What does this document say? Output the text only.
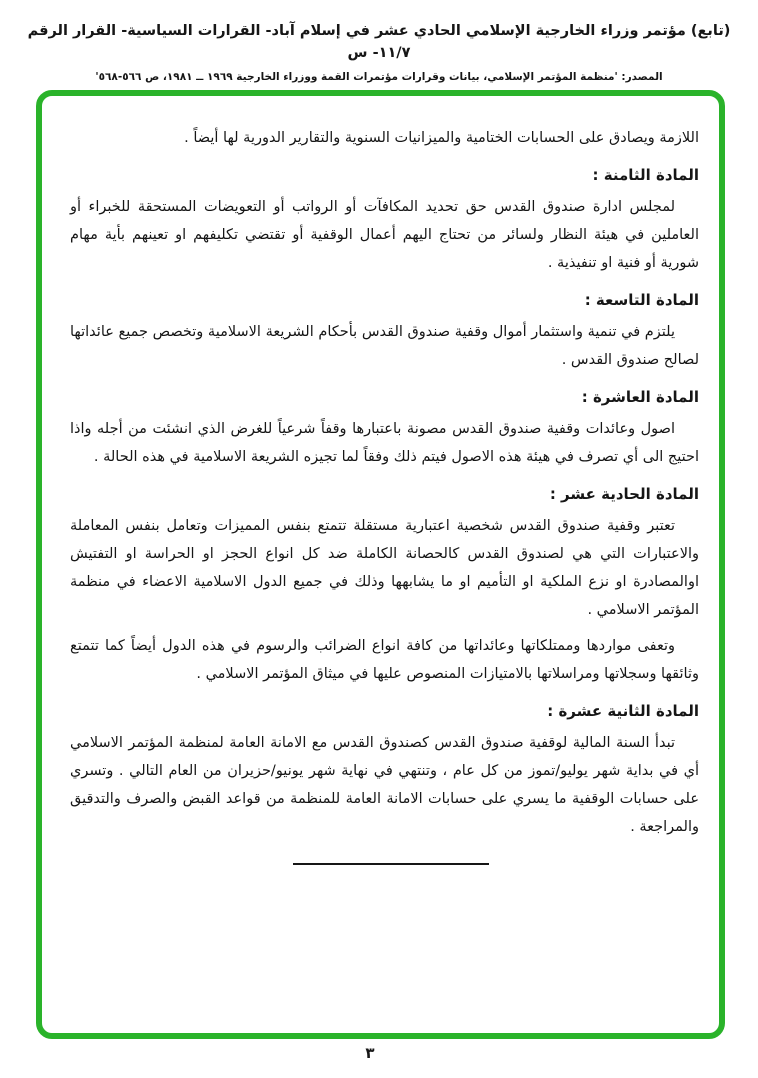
(تابع) مؤتمر وزراء الخارجية الإسلامي الحادي عشر في إسلام آباد- القرارات السياسية- القرار الرقم ١١/٧- س
المصدر: 'منظمة المؤتمر الإسلامي، بيانات وقرارات مؤتمرات القمة ووزراء الخارجية ١٩٦٩ ــ ١٩٨١، ص ٥٦٦-٥٦٨'

اللازمة ويصادق على الحسابات الختامية والميزانيات السنوية والتقارير الدورية لها أيضاً .

المادة الثامنة :

لمجلس ادارة صندوق القدس حق تحديد المكافآت أو الرواتب أو التعويضات المستحقة للخبراء أو العاملين في هيئة النظار ولسائر من تحتاج اليهم أعمال الوقفية أو تقتضي تكليفهم او تعينهم بأية مهام شورية أو فنية او تنفيذية .

المادة التاسعة :

يلتزم في تنمية واستثمار أموال وقفية صندوق القدس بأحكام الشريعة الاسلامية وتخصص جميع عائداتها لصالح صندوق القدس .

المادة العاشرة :

اصول وعائدات وقفية صندوق القدس مصونة باعتبارها وقفاً شرعياً للغرض الذي انشئت من أجله واذا احتيج الى أي تصرف في هيئة هذه الاصول فيتم ذلك وفقاً لما تجيزه الشريعة الاسلامية في هذه الحالة .

المادة الحادية عشر :

تعتبر وقفية صندوق القدس شخصية اعتبارية مستقلة تتمتع بنفس المميزات وتعامل بنفس المعاملة والاعتبارات التي هي لصندوق القدس كالحصانة الكاملة ضد كل انواع الحجز او الحراسة او التفتيش اوالمصادرة او نزع الملكية او التأميم او ما يشابهها وذلك في جميع الدول الاسلامية الاعضاء في منظمة المؤتمر الاسلامي .

وتعفى مواردها وممتلكاتها وعائداتها من كافة انواع الضرائب والرسوم في هذه الدول أيضاً كما تتمتع وثائقها وسجلاتها ومراسلاتها بالامتيازات المنصوص عليها في ميثاق المؤتمر الاسلامي .

المادة الثانية عشرة :

تبدأ السنة المالية لوقفية صندوق القدس كصندوق القدس مع الامانة العامة لمنظمة المؤتمر الاسلامي أي في بداية شهر يوليو/تموز من كل عام ، وتنتهي في نهاية شهر يونيو/حزيران من العام التالي . وتسري على حسابات الوقفية ما يسري على حسابات الامانة العامة للمنظمة من قواعد القبض والصرف والتدقيق والمراجعة .

٣
